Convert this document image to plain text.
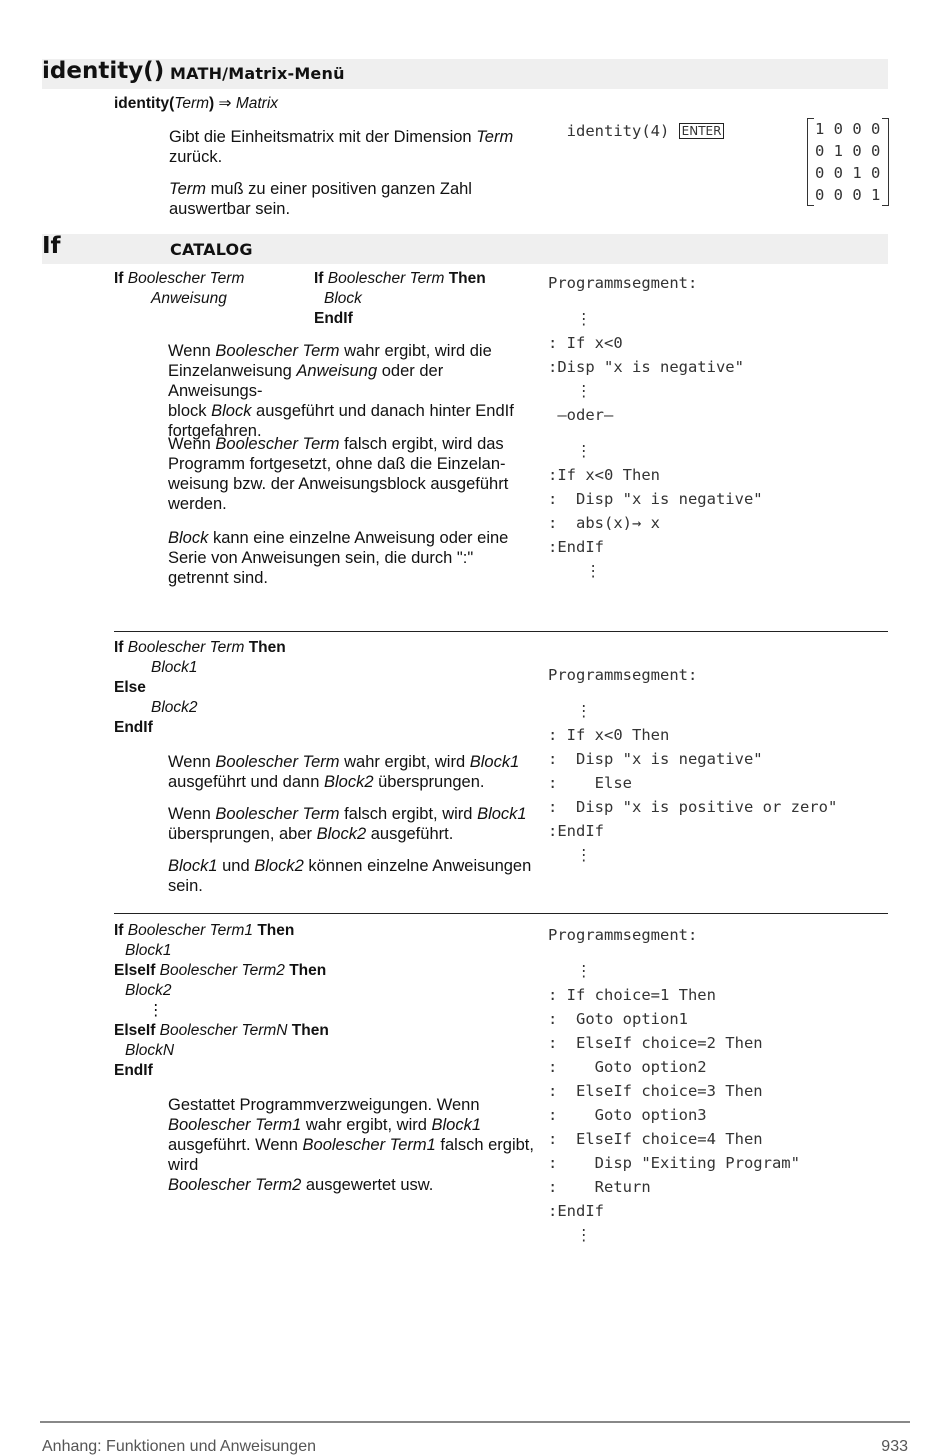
identity() MATH/Matrix-Menü
identity(Term) ⇒ Matrix
Gibt die Einheitsmatrix mit der Dimension Term
zurück.
Term muß zu einer positiven ganzen Zahl
auswertbar sein.

identity(4) ENTER	1 0 0 0
0 1 0 0
0 0 1 0
0 0 0 1
If	CATALOG
If Boolescher Term
Anweisung
If Boolescher Term Then
Block
EndIf
Wenn Boolescher Term wahr ergibt, wird die
Einzelanweisung Anweisung oder der Anweisungs-
block Block ausgeführt und danach hinter EndIf
fortgefahren.
Wenn Boolescher Term falsch ergibt, wird das
Programm fortgesetzt, ohne daß die Einzelan-
weisung bzw. der Anweisungsblock ausgeführt
werden.
Block kann eine einzelne Anweisung oder eine
Serie von Anweisungen sein, die durch ":"
getrennt sind.
Programmsegment:

⋮
: If x<0
:Disp "x is negative"
⋮
—oder—

⋮
:If x<0 Then
:  Disp "x is negative"
:  abs(x)→ x
:EndIf
⋮
If Boolescher Term Then
Block1
Else
Block2
EndIf
Wenn Boolescher Term wahr ergibt, wird Block1
ausgeführt und dann Block2 übersprungen.
Wenn Boolescher Term falsch ergibt, wird Block1
übersprungen, aber Block2 ausgeführt.
Block1 und Block2 können einzelne Anweisungen
sein.
Programmsegment:

⋮
: If x<0 Then
:  Disp "x is negative"
:    Else
:  Disp "x is positive or zero"
:EndIf
⋮
If Boolescher Term1 Then
Block1
ElseIf Boolescher Term2 Then
Block2
⋮
ElseIf Boolescher TermN Then
BlockN
EndIf
Gestattet Programmverzweigungen. Wenn
Boolescher Term1 wahr ergibt, wird Block1
ausgeführt. Wenn Boolescher Term1 falsch ergibt, wird
Boolescher Term2 ausgewertet usw.
Programmsegment:

⋮
: If choice=1 Then
:  Goto option1
:  ElseIf choice=2 Then
:    Goto option2
:  ElseIf choice=3 Then
:    Goto option3
:  ElseIf choice=4 Then
:    Disp "Exiting Program"
:    Return
:EndIf
⋮
Anhang: Funktionen und Anweisungen	933
